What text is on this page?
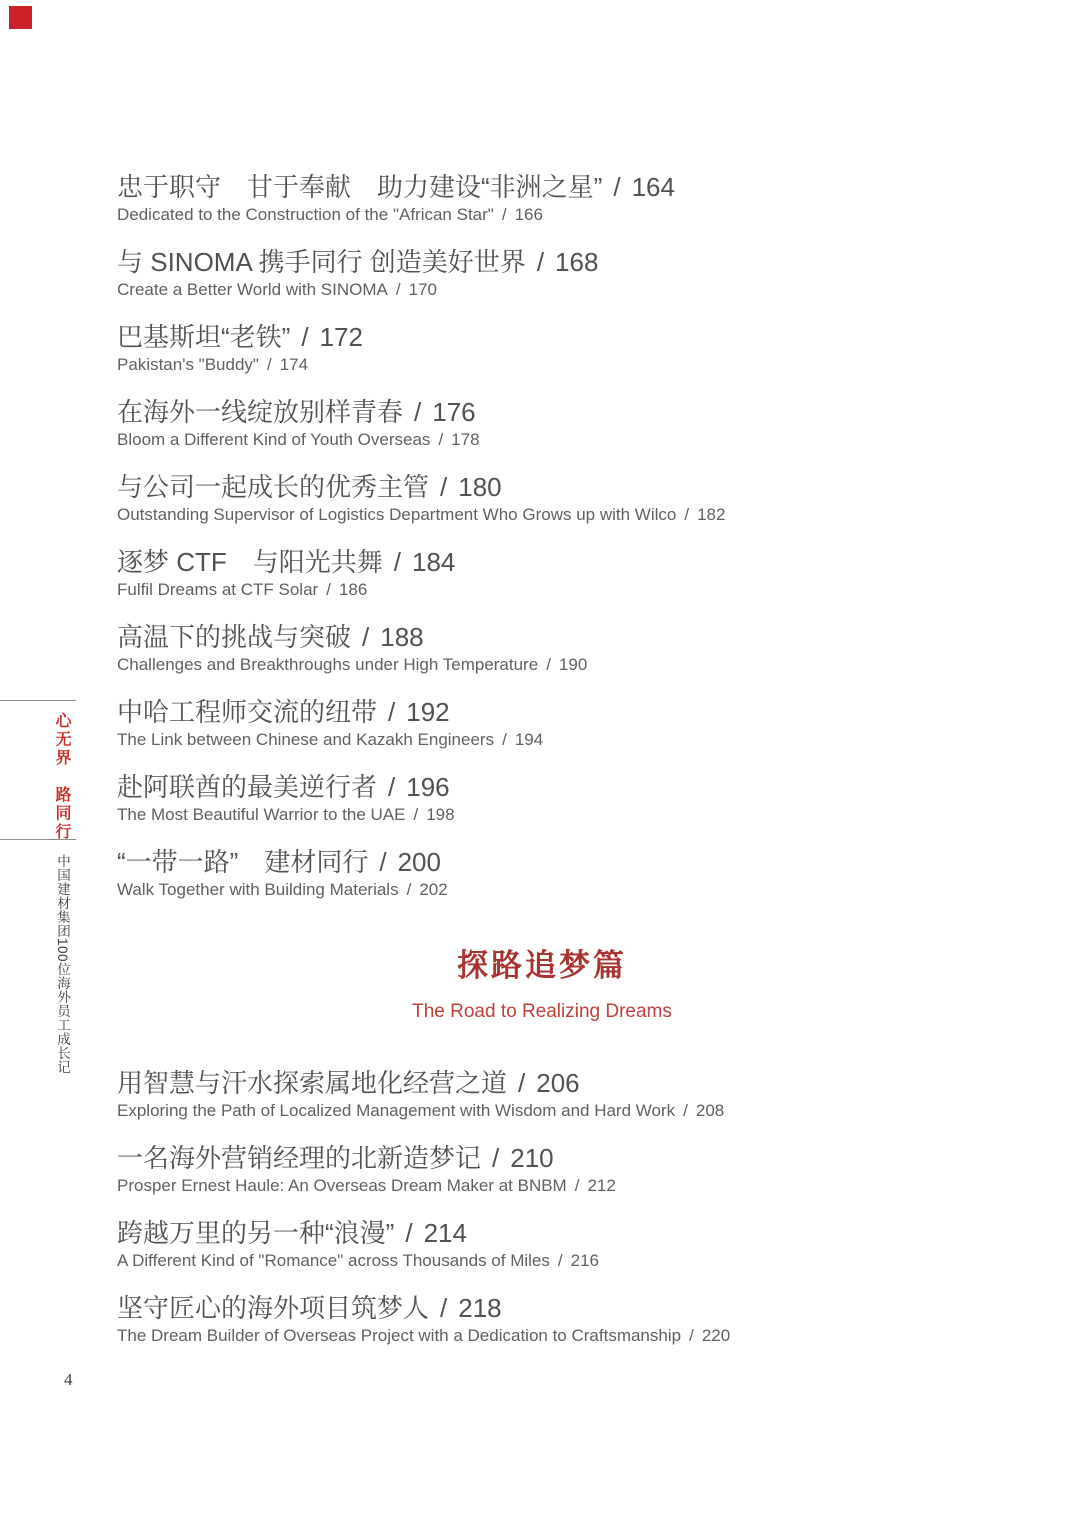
心无界　路同行
中国建材集团100位海外员工成长记
忠于职守　甘于奉献　助力建设“非洲之星” / 164
Dedicated to the Construction of the "African Star" / 166
与 SINOMA 携手同行 创造美好世界 / 168
Create a Better World with SINOMA / 170
巴基斯坦“老铁” / 172
Pakistan's "Buddy" / 174
在海外一线绽放别样青春 / 176
Bloom a Different Kind of Youth Overseas / 178
与公司一起成长的优秀主管 / 180
Outstanding Supervisor of Logistics Department Who Grows up with Wilco / 182
逐梦 CTF　与阳光共舞 / 184
Fulfil Dreams at CTF Solar / 186
高温下的挑战与突破 / 188
Challenges and Breakthroughs under High Temperature / 190
中哈工程师交流的纽带 / 192
The Link between Chinese and Kazakh Engineers / 194
赴阿联酋的最美逆行者 / 196
The Most Beautiful Warrior to the UAE / 198
“一带一路”　建材同行 / 200
Walk Together with Building Materials / 202
探路追梦篇
The Road to Realizing Dreams
用智慧与汗水探索属地化经营之道 / 206
Exploring the Path of Localized Management with Wisdom and Hard Work / 208
一名海外营销经理的北新造梦记 / 210
Prosper Ernest Haule: An Overseas Dream Maker at BNBM / 212
跨越万里的另一种“浪漫” / 214
A Different Kind of "Romance" across Thousands of Miles / 216
坚守匠心的海外项目筑梦人 / 218
The Dream Builder of Overseas Project with a Dedication to Craftsmanship / 220
4
